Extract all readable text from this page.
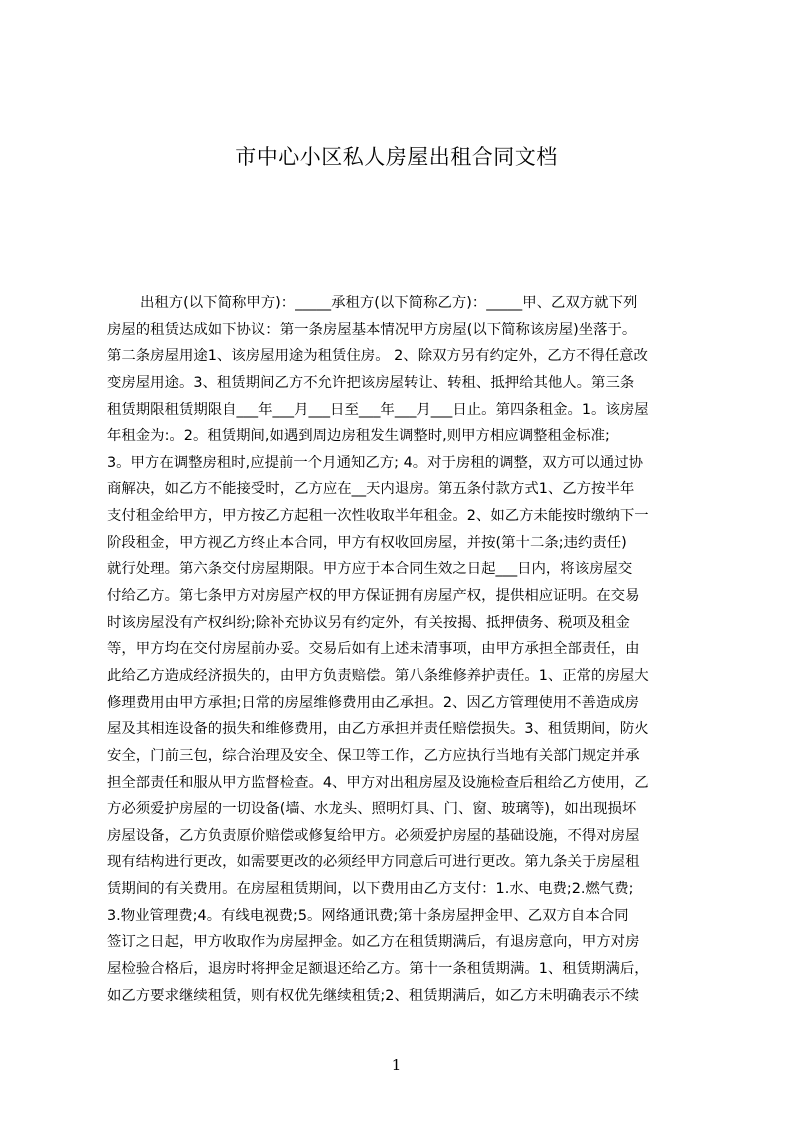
市中心小区私人房屋出租合同文档
出租方(以下简称甲方)：_____承租方(以下简称乙方)：_____甲、乙双方就下列
房屋的租赁达成如下协议：第一条房屋基本情况甲方房屋(以下简称该房屋)坐落于。
第二条房屋用途1、该房屋用途为租赁住房。 2、除双方另有约定外，乙方不得任意改
变房屋用途。3、租赁期间乙方不允许把该房屋转让、转租、抵押给其他人。第三条
租赁期限租赁期限自___年___月___日至___年___月___日止。第四条租金。1。该房屋
年租金为:。2。租赁期间,如遇到周边房租发生调整时,则甲方相应调整租金标准;
3。甲方在调整房租时,应提前一个月通知乙方; 4。对于房租的调整，双方可以通过协
商解决，如乙方不能接受时，乙方应在__天内退房。第五条付款方式1、乙方按半年
支付租金给甲方，甲方按乙方起租一次性收取半年租金。2、如乙方未能按时缴纳下一
阶段租金，甲方视乙方终止本合同，甲方有权收回房屋，并按(第十二条;违约责任)
就行处理。第六条交付房屋期限。甲方应于本合同生效之日起___日内，将该房屋交
付给乙方。第七条甲方对房屋产权的甲方保证拥有房屋产权，提供相应证明。在交易
时该房屋没有产权纠纷;除补充协议另有约定外，有关按揭、抵押债务、税项及租金
等，甲方均在交付房屋前办妥。交易后如有上述未清事项，由甲方承担全部责任，由
此给乙方造成经济损失的，由甲方负责赔偿。第八条维修养护责任。1、正常的房屋大
修理费用由甲方承担;日常的房屋维修费用由乙承担。2、因乙方管理使用不善造成房
屋及其相连设备的损失和维修费用，由乙方承担并责任赔偿损失。3、租赁期间，防火
安全，门前三包，综合治理及安全、保卫等工作，乙方应执行当地有关部门规定并承
担全部责任和服从甲方监督检查。4、甲方对出租房屋及设施检查后租给乙方使用，乙
方必须爱护房屋的一切设备(墙、水龙头、照明灯具、门、窗、玻璃等)，如出现损坏
房屋设备，乙方负责原价赔偿或修复给甲方。必须爱护房屋的基础设施，不得对房屋
现有结构进行更改，如需要更改的必须经甲方同意后可进行更改。第九条关于房屋租
赁期间的有关费用。在房屋租赁期间，以下费用由乙方支付：1.水、电费;2.燃气费;
3.物业管理费;4。有线电视费;5。网络通讯费;第十条房屋押金甲、乙双方自本合同
签订之日起，甲方收取作为房屋押金。如乙方在租赁期满后，有退房意向，甲方对房
屋检验合格后，退房时将押金足额退还给乙方。第十一条租赁期满。1、租赁期满后，
如乙方要求继续租赁，则有权优先继续租赁;2、租赁期满后，如乙方未明确表示不续
1
